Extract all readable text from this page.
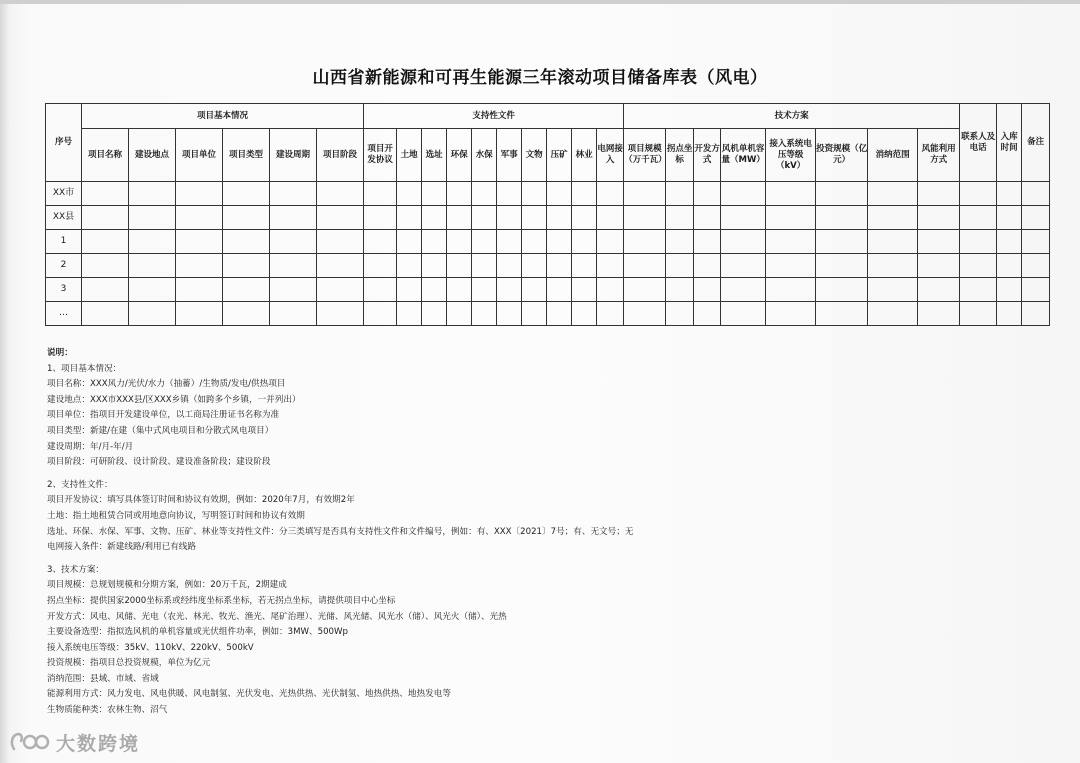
山西省新能源和可再生能源三年滚动项目储备库表（风电）
序号	项目基本情况						支持性文件										技术方案								联系人及电话	入库时间	备注
	项目名称	建设地点	项目单位	项目类型	建设周期	项目阶段	项目开发协议	土地	选址	环保	水保	军事	文物	压矿	林业	电网接入	项目规模（万千瓦）	拐点坐标	开发方式	风机单机容量（MW）	接入系统电压等级（kV）	投资规模（亿元）	消纳范围	风能利用方式			
XX市																											
XX县																											
1																											
2																											
3																											
…																											
说明：
1、项目基本情况：
项目名称：XXX风力/光伏/水力（抽蓄）/生物质/发电/供热项目
建设地点：XXX市XXX县/区XXX乡镇（如跨多个乡镇，一并列出）
项目单位：指项目开发建设单位，以工商局注册证书名称为准
项目类型：新建/在建（集中式风电项目和分散式风电项目）
建设周期：年/月-年/月
项目阶段：可研阶段、设计阶段、建设准备阶段；建设阶段
2、支持性文件：
项目开发协议：填写具体签订时间和协议有效期，例如：2020年7月，有效期2年
土地：指土地租赁合同或用地意向协议，写明签订时间和协议有效期
选址、环保、水保、军事、文物、压矿、林业等支持性文件：分三类填写是否具有支持性文件和文件编号，例如：有、XXX〔2021〕7号；有、无文号；无
电网接入条件：新建线路/利用已有线路
3、技术方案：
项目规模：总规划规模和分期方案，例如：20万千瓦，2期建成
拐点坐标：提供国家2000坐标系或经纬度坐标系坐标，若无拐点坐标，请提供项目中心坐标
开发方式：风电、风储、光电（农光、林光、牧光、渔光、尾矿治理）、光储、风光储、风光水（储）、风光火（储）、光热
主要设备选型：指拟选风机的单机容量或光伏组件功率，例如：3MW、500Wp
接入系统电压等级：35kV、110kV、220kV、500kV
投资规模：指项目总投资规模，单位为亿元
消纳范围：县域、市域、省域
能源利用方式：风力发电、风电供暖、风电制氢、光伏发电、光热供热、光伏制氢、地热供热、地热发电等
生物质能种类：农林生物、沼气
大数跨境
